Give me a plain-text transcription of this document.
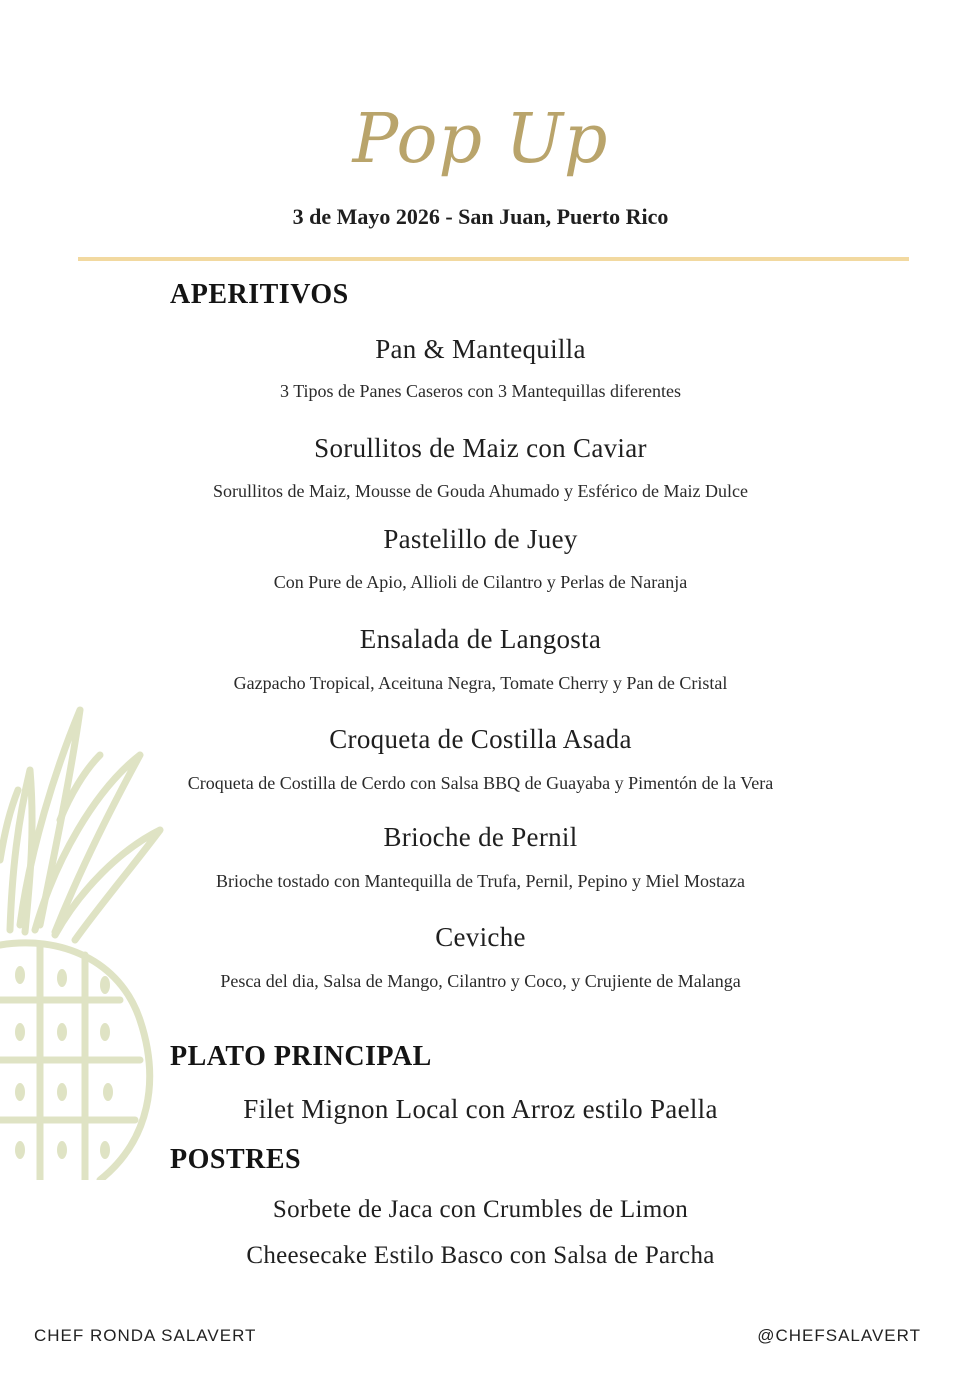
Pop Up
3 de Mayo 2026 - San Juan, Puerto Rico
APERITIVOS
Pan & Mantequilla
3 Tipos de Panes Caseros con 3 Mantequillas diferentes
Sorullitos de Maiz con Caviar
Sorullitos de Maiz, Mousse de Gouda Ahumado y Esférico de Maiz Dulce
Pastelillo de Juey
Con Pure de Apio, Allioli de Cilantro y Perlas de Naranja
Ensalada de Langosta
Gazpacho Tropical, Aceituna Negra, Tomate Cherry y Pan de Cristal
Croqueta de Costilla Asada
Croqueta de Costilla de Cerdo con Salsa BBQ de Guayaba y Pimentón de la Vera
Brioche de Pernil
Brioche tostado con Mantequilla de Trufa, Pernil, Pepino y Miel Mostaza
Ceviche
Pesca del dia, Salsa de Mango, Cilantro y Coco, y Crujiente de Malanga
PLATO PRINCIPAL
Filet Mignon Local con Arroz estilo Paella
POSTRES
Sorbete de Jaca con Crumbles de Limon
Cheesecake Estilo Basco con Salsa de Parcha
CHEF RONDA SALAVERT	@CHEFSALAVERT
